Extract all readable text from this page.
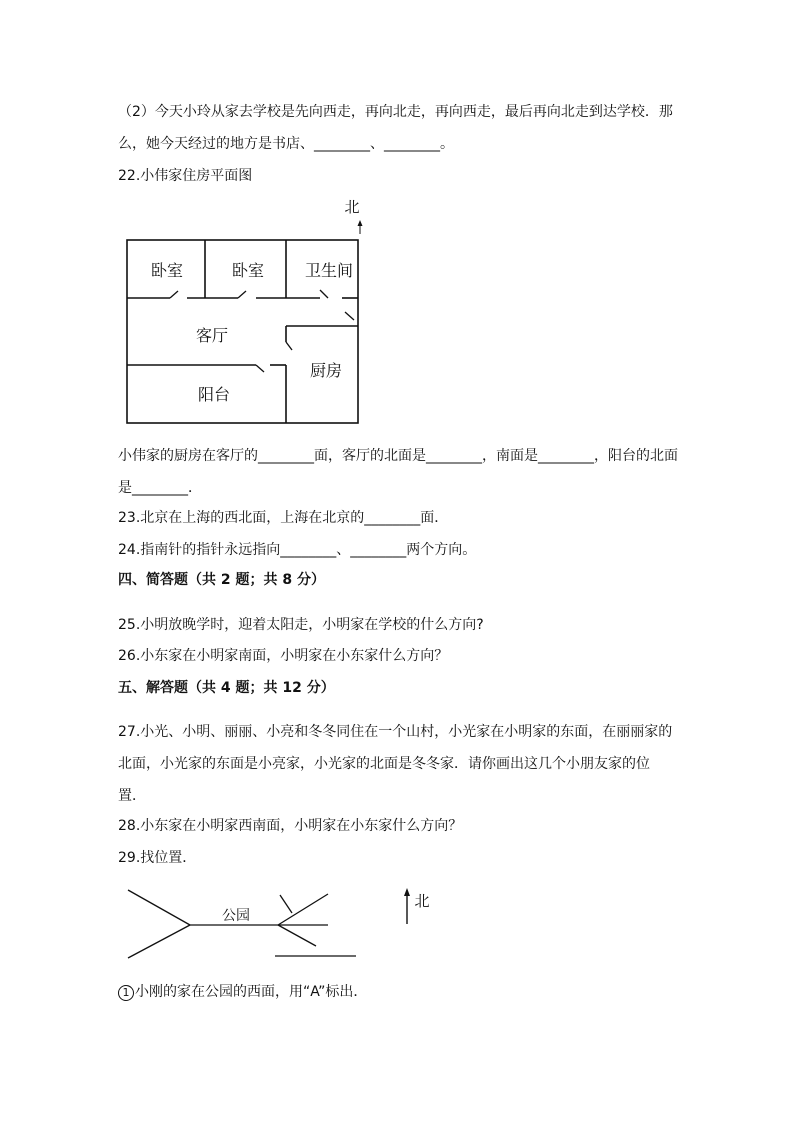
（2）今天小玲从家去学校是先向西走，再向北走，再向西走，最后再向北走到达学校．那
么，她今天经过的地方是书店、________、________。
22.小伟家住房平面图
北
卧室	卧室	卫生间
客厅
厨房
阳台
小伟家的厨房在客厅的________面，客厅的北面是________，南面是________，阳台的北面
是________．
23.北京在上海的西北面，上海在北京的________面．
24.指南针的指针永远指向________、________两个方向。
四、简答题（共 2 题；共 8 分）
25.小明放晚学时，迎着太阳走，小明家在学校的什么方向?
26.小东家在小明家南面，小明家在小东家什么方向？
五、解答题（共 4 题；共 12 分）
27.小光、小明、丽丽、小亮和冬冬同住在一个山村，小光家在小明家的东面，在丽丽家的
北面，小光家的东面是小亮家，小光家的北面是冬冬家．请你画出这几个小朋友家的位
置．
28.小东家在小明家西南面，小明家在小东家什么方向？
29.找位置．
公园
北
1 小刚的家在公园的西面，用“A”标出．
